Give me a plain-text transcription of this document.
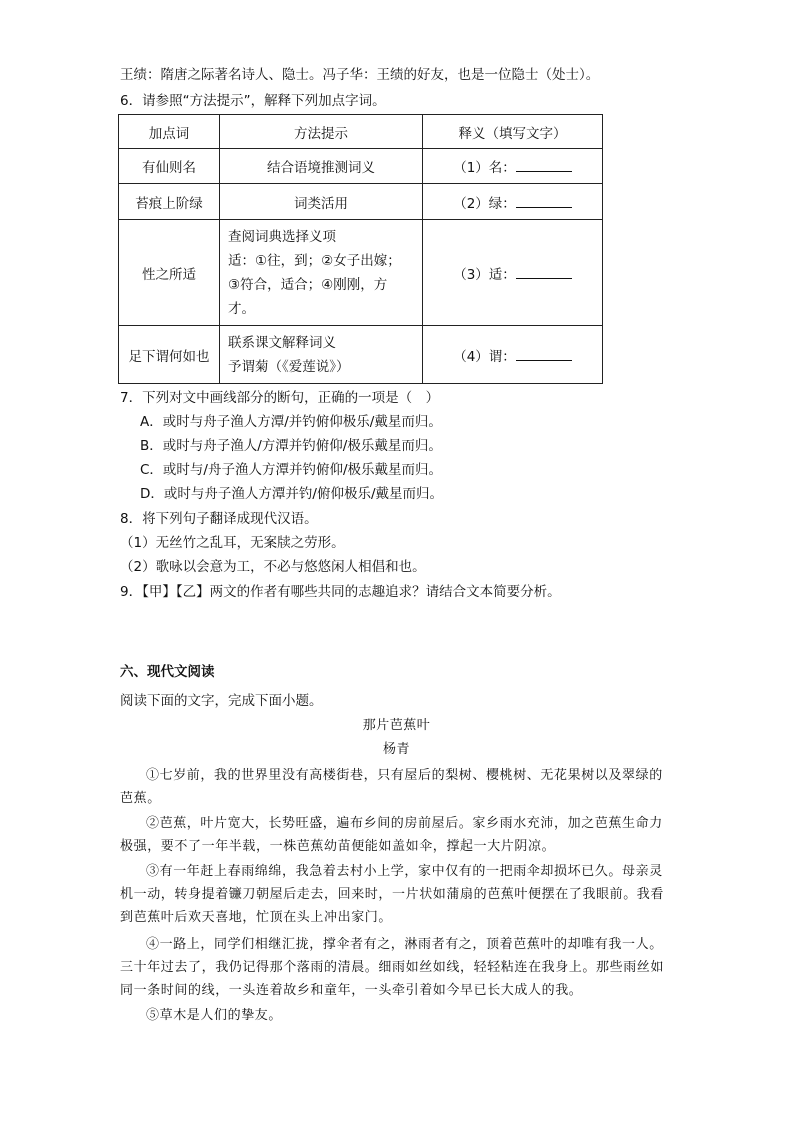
王绩：隋唐之际著名诗人、隐士。冯子华：王绩的好友，也是一位隐士（处士）。
6．请参照“方法提示”，解释下列加点字词。
加点词	方法提示	释义（填写文字）
有仙则名	结合语境推测词义	（1）名：
苔痕上阶绿	词类活用	（2）绿：
性之所适	查阅词典选择义项
适：①往，到；②女子出嫁；
③符合，适合；④刚刚，方
才。	（3）适：
足下谓何如也	联系课文解释词义
予谓菊（《爱莲说》）	（4）谓：
7．下列对文中画线部分的断句，正确的一项是（　）
A．或时与舟子渔人方潭/并钓俯仰极乐/戴星而归。
B．或时与舟子渔人/方潭并钓俯仰/极乐戴星而归。
C．或时与/舟子渔人方潭并钓俯仰/极乐戴星而归。
D．或时与舟子渔人方潭并钓/俯仰极乐/戴星而归。
8．将下列句子翻译成现代汉语。
（1）无丝竹之乱耳，无案牍之劳形。
（2）歌咏以会意为工，不必与悠悠闲人相倡和也。
9．【甲】【乙】两文的作者有哪些共同的志趣追求？请结合文本简要分析。
六、现代文阅读
阅读下面的文字，完成下面小题。
那片芭蕉叶
杨青
①七岁前，我的世界里没有高楼街巷，只有屋后的梨树、樱桃树、无花果树以及翠绿的芭蕉。
②芭蕉，叶片宽大，长势旺盛，遍布乡间的房前屋后。家乡雨水充沛，加之芭蕉生命力极强，要不了一年半载，一株芭蕉幼苗便能如盖如伞，撑起一大片阴凉。
③有一年赶上春雨绵绵，我急着去村小上学，家中仅有的一把雨伞却损坏已久。母亲灵机一动，转身提着镰刀朝屋后走去，回来时，一片状如蒲扇的芭蕉叶便摆在了我眼前。我看到芭蕉叶后欢天喜地，忙顶在头上冲出家门。
④一路上，同学们相继汇拢，撑伞者有之，淋雨者有之，顶着芭蕉叶的却唯有我一人。三十年过去了，我仍记得那个落雨的清晨。细雨如丝如线，轻轻粘连在我身上。那些雨丝如同一条时间的线，一头连着故乡和童年，一头牵引着如今早已长大成人的我。
⑤草木是人们的挚友。
